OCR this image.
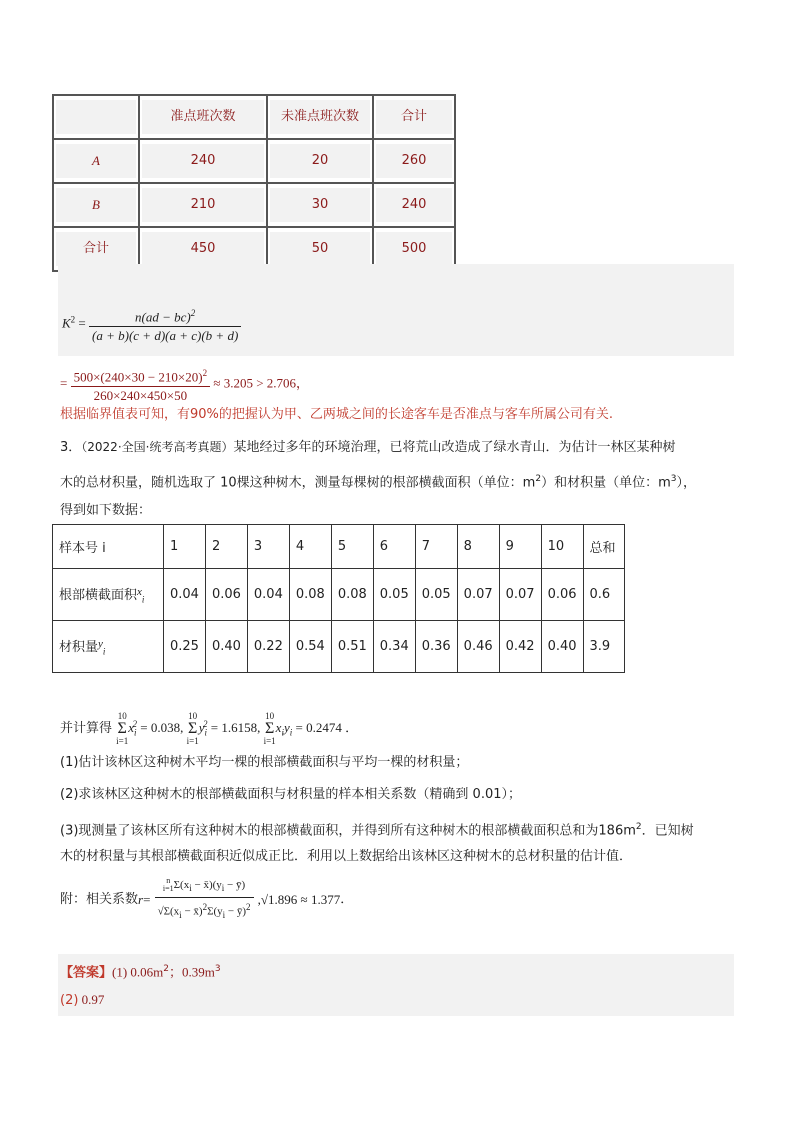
	准点班次数	未准点班次数	合计

A	240	20	260

B	210	30	240

合计	450	50	500
$K^2 = \frac{n(ad - bc)^2}{(a + b)(c + d)(a + c)(b + d)}$
= $\frac{500\times(240\times 30 - 210\times 20)^2}{260\times 240\times 450\times 50} \approx 3.205 > 2.706$，
根据临界值表可知，有90%的把握认为甲、乙两城之间的长途客车是否准点与客车所属公司有关.
3．（2022·全国·统考高考真题）某地经过多年的环境治理，已将荒山改造成了绿水青山．为估计一林区某种树
木的总材积量，随机选取了 10棵这种树木，测量每棵树的根部横截面积（单位：$m^2$）和材积量（单位：$m^3$），
得到如下数据：
样本号 i	1	2	3	4	5	6	7	8	9	10	总和
根部横截面积$^x_i$	0.04	0.06	0.04	0.08	0.08	0.05	0.05	0.07	0.07	0.06	0.6
材积量$^y_i$	0.25	0.40	0.22	0.54	0.51	0.34	0.36	0.46	0.42	0.40	3.9
并计算得
10
Σ
i=1
$x_i^2 = 0.038$,
10
Σ
i=1
$y_i^2 = 1.6158$,
10
Σ
i=1
$x_iy_i = 0.2474$ ．
(1)估计该林区这种树木平均一棵的根部横截面积与平均一棵的材积量；
(2)求该林区这种树木的根部横截面积与材积量的样本相关系数（精确到 0.01）；
(3)现测量了该林区所有这种树木的根部横截面积，并得到所有这种树木的根部横截面积总和为$186m^2$．已知树
木的材积量与其根部横截面积近似成正比．利用以上数据给出该林区这种树木的总材积量的估计值．
附：相关系数r= n
i=1 $\Sigma(x_i$ − $x̄)(y_i$ − ȳ)
$√\Sigma(x_i$ − $x̄)^2\Sigma(y_i$ − ȳ)$^2$ ,√1.896 ≈ 1.377．
【答案】(1) $0.06m^2$；$0.39m^3$
(2) 0.97
